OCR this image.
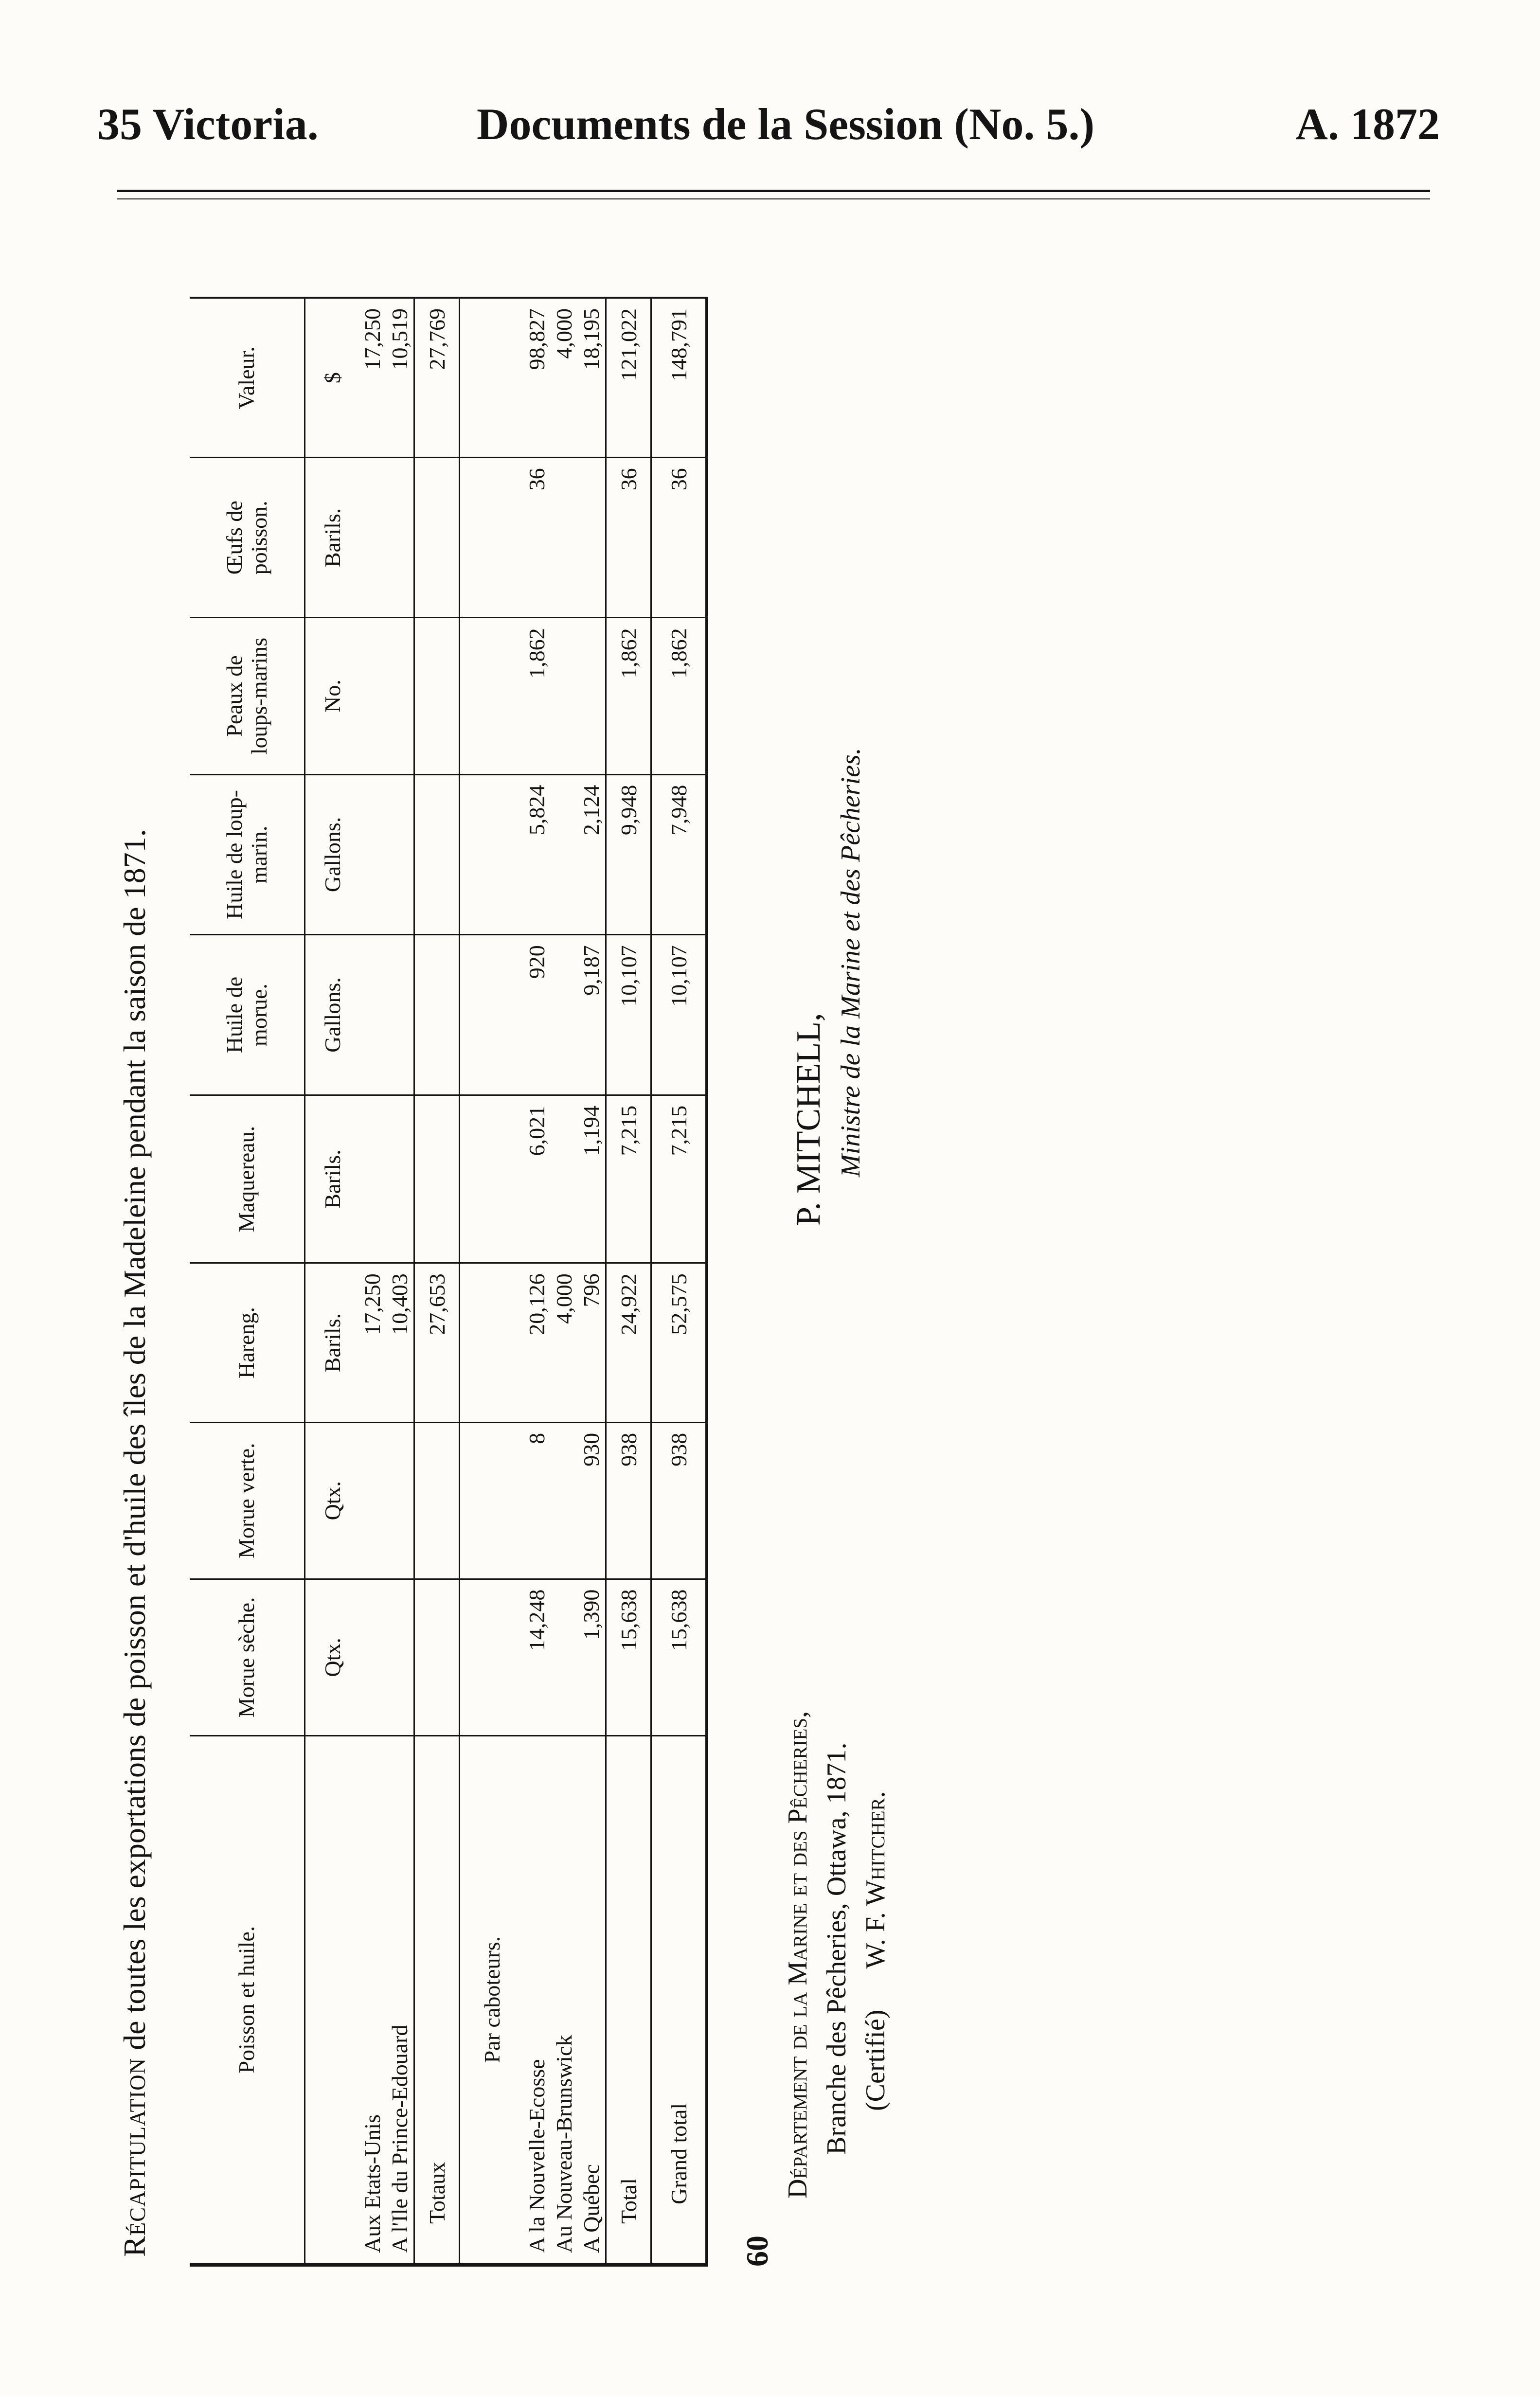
35 Victoria.	Documents de la Session (No. 5.)	A. 1872
Récapitulation de toutes les exportations de poisson et d'huile des îles de la Madeleine pendant la saison de 1871.	Poisson et huile.	Morue sèche.	Morue verte.	Hareng.	Maquereau.	Huile de morue.	Huile de loup-marin.	Peaux de loups-marins	Œufs de poisson.	Valeur.
	Qtx.	Qtx.	Barils.	Barils.	Gallons.	Gallons.	No.	Barils.	$
Aux Etats-Unis			17,250						17,250
A l'Ile du Prince-Edouard			10,403						10,519
Totaux			27,653						27,769
Par caboteurs.									
A la Nouvelle-Ecosse	14,248	8	20,126	6,021	920	5,824	1,862	36	98,827
Au Nouveau-Brunswick			4,000						4,000
A Québec	1,390	930	796	1,194	9,187	2,124			18,195
Total	15,638	938	24,922	7,215	10,107	9,948	1,862	36	121,022
Grand total	15,638	938	52,575	7,215	10,107	7,948	1,862	36	148,791
60
Département de la Marine et des Pêcheries, Branche des Pêcheries, Ottawa, 1871. (Certifié)      W. F. Whitcher.
P. MITCHELL, Ministre de la Marine et des Pêcheries.
